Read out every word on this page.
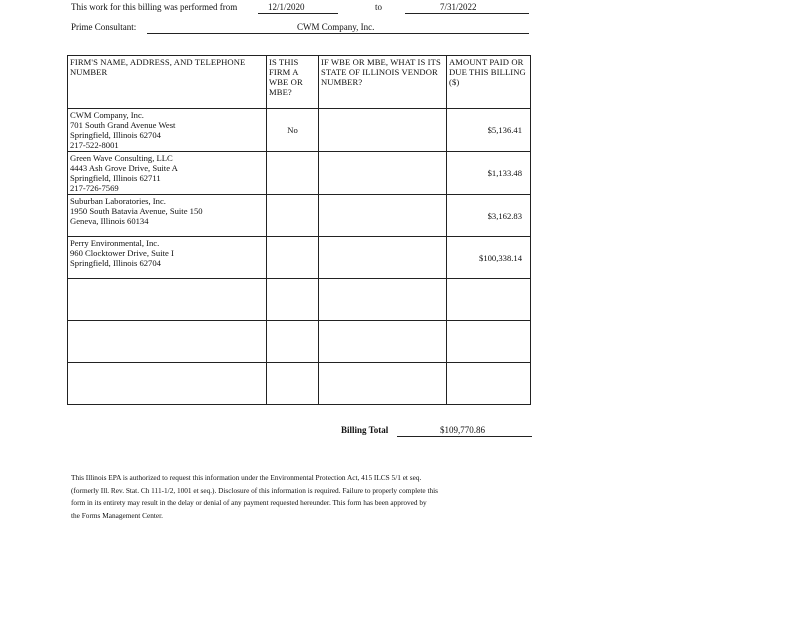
This work for this billing was performed from	12/1/2020	to	7/31/2022
Prime Consultant:	CWM Company, Inc.
FIRM'S NAME, ADDRESS, AND TELEPHONE NUMBER	IS THIS FIRM A WBE OR MBE?	IF WBE OR MBE, WHAT IS ITS STATE OF ILLINOIS VENDOR NUMBER?	AMOUNT PAID OR DUE THIS BILLING ($)

CWM Company, Inc.
701 South Grand Avenue West
Springfield, Illinois 62704
217-522-8001	No		$5,136.41

Green Wave Consulting, LLC
4443 Ash Grove Drive, Suite A
Springfield, Illinois 62711
217-726-7569			$1,133.48

Suburban Laboratories, Inc.
1950 South Batavia Avenue, Suite 150
Geneva, Illinois 60134			$3,162.83

Perry Environmental, Inc.
960 Clocktower Drive, Suite I
Springfield, Illinois 62704			$100,338.14

Billing Total	$109,770.86
This Illinois EPA is authorized to request this information under the Environmental Protection Act, 415 ILCS 5/1 et seq.
(formerly Ill. Rev. Stat. Ch 111-1/2, 1001 et seq.). Disclosure of this information is required. Failure to properly complete this
form in its entirety may result in the delay or denial of any payment requested hereunder. This form has been approved by
the Forms Management Center.
